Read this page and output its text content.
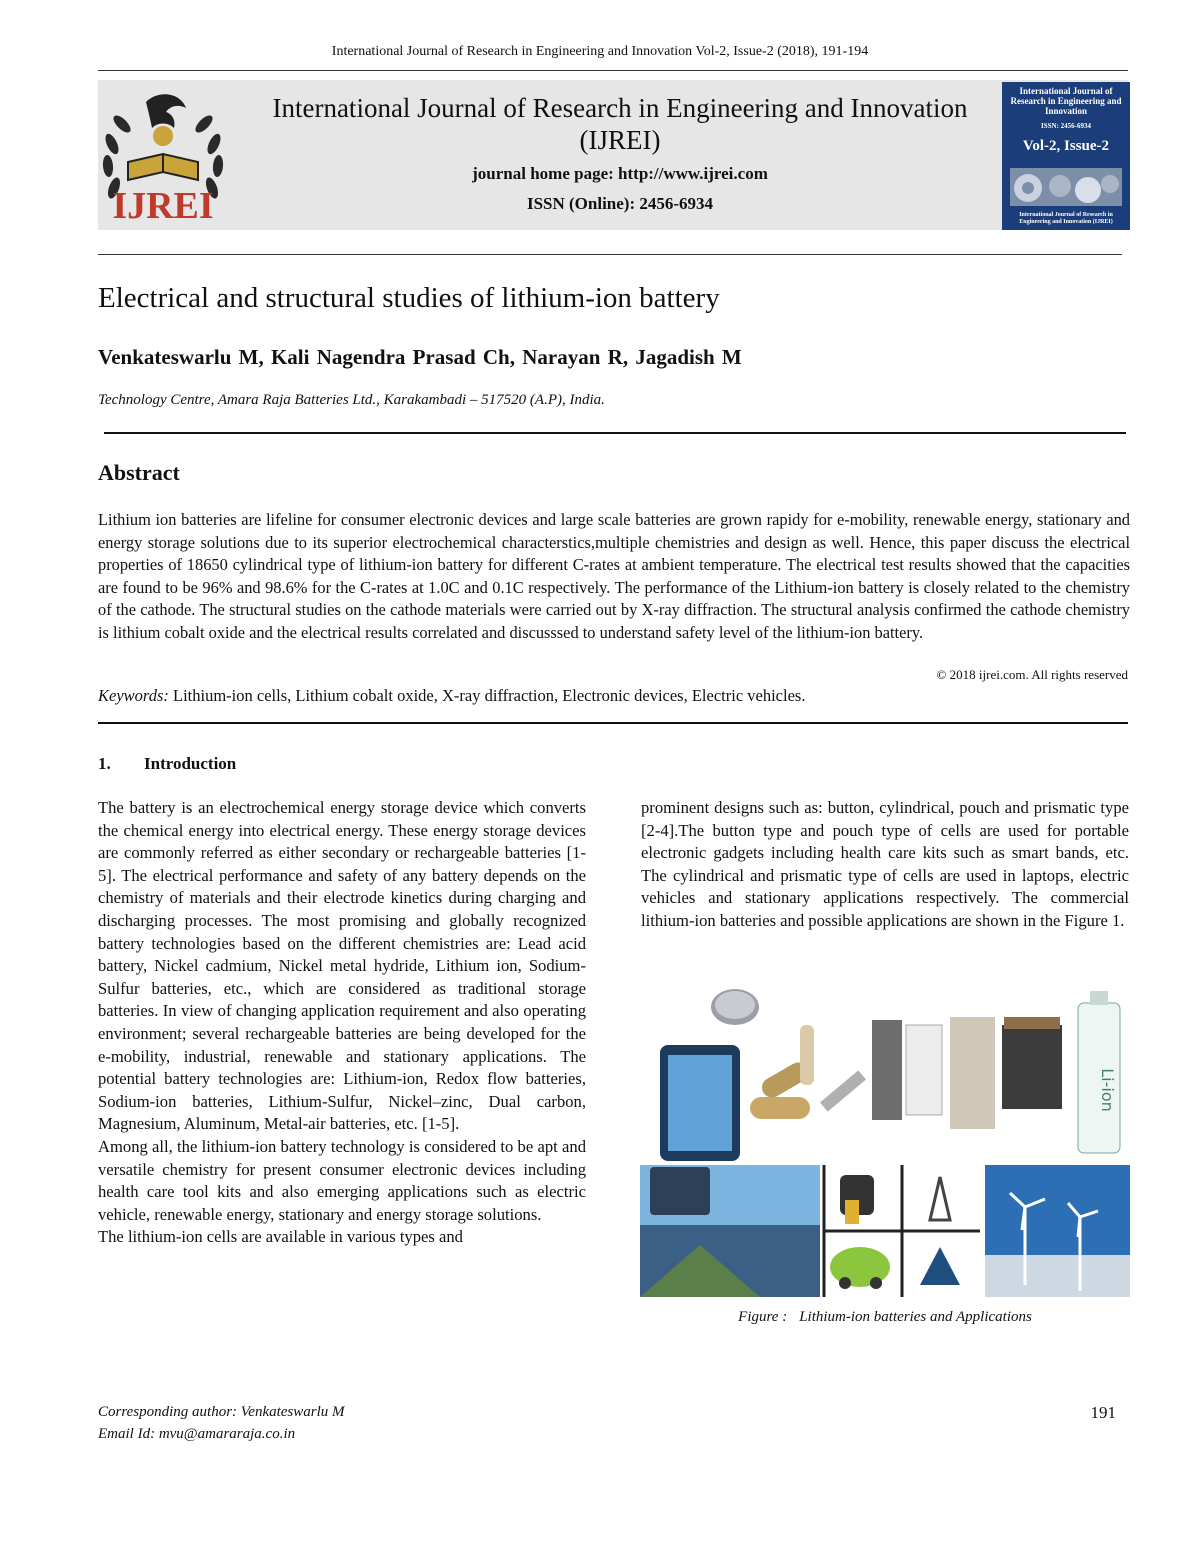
International Journal of Research in Engineering and Innovation Vol-2, Issue-2 (2018), 191-194
IJREI
International Journal of Research in Engineering and Innovation
(IJREI)
journal home page: http://www.ijrei.com
ISSN (Online): 2456-6934
International Journal of Research in Engineering and Innovation
ISSN: 2456-6934
Vol-2, Issue-2
International Journal of Research in Engineering and Innovation (IJREI)
Electrical and structural studies of lithium-ion battery
Venkateswarlu M, Kali Nagendra Prasad Ch, Narayan R, Jagadish M
Technology Centre, Amara Raja Batteries Ltd., Karakambadi – 517520 (A.P), India.
Abstract
Lithium ion batteries are lifeline for consumer electronic devices and large scale batteries are grown rapidy for e-mobility, renewable energy, stationary and energy storage solutions due to its superior electrochemical characterstics,multiple chemistries and design as well. Hence, this paper discuss the electrical properties of 18650 cylindrical type of lithium-ion battery for different C-rates at ambient temperature. The electrical test results showed that the capacities are found to be 96% and 98.6% for the C-rates at 1.0C and 0.1C respectively. The performance of the Lithium-ion battery is closely related to the chemistry of the cathode. The structural studies on the cathode materials were carried out by X-ray diffraction. The structural analysis confirmed the cathode chemistry is lithium cobalt oxide and the electrical results correlated and discusssed to understand safety level of the lithium-ion battery.
© 2018 ijrei.com. All rights reserved
Keywords: Lithium-ion cells, Lithium cobalt oxide, X-ray diffraction, Electronic devices, Electric vehicles.
1. Introduction

The battery is an electrochemical energy storage device which converts the chemical energy into electrical energy. These energy storage devices are commonly referred as either secondary or rechargeable batteries [1-5]. The electrical performance and safety of any battery depends on the chemistry of materials and their electrode kinetics during charging and discharging processes. The most promising and globally recognized battery technologies based on the different chemistries are: Lead acid battery, Nickel cadmium, Nickel metal hydride, Lithium ion, Sodium-Sulfur batteries, etc., which are considered as traditional storage batteries. In view of changing application requirement and also operating environment; several rechargeable batteries are being developed for the e-mobility, industrial, renewable and stationary applications. The potential battery technologies are: Lithium-ion, Redox flow batteries, Sodium-ion batteries, Lithium-Sulfur, Nickel–zinc, Dual carbon, Magnesium, Aluminum, Metal-air batteries, etc. [1-5].

Among all, the lithium-ion battery technology is considered to be apt and versatile chemistry for present consumer electronic devices including health care tool kits and also emerging applications such as electric vehicle, renewable energy, stationary and energy storage solutions.

The lithium-ion cells are available in various types and

prominent designs such as: button, cylindrical, pouch and prismatic type [2-4].The button type and pouch type of cells are used for portable electronic gadgets including health care kits such as smart bands, etc. The cylindrical and prismatic type of cells are used in laptops, electric vehicles and stationary applications respectively. The commercial lithium-ion batteries and possible applications are shown in the Figure 1.

Li-ion
Figure : Lithium-ion batteries and Applications
Corresponding author: Venkateswarlu M
Email Id: mvu@amararaja.co.in
191
